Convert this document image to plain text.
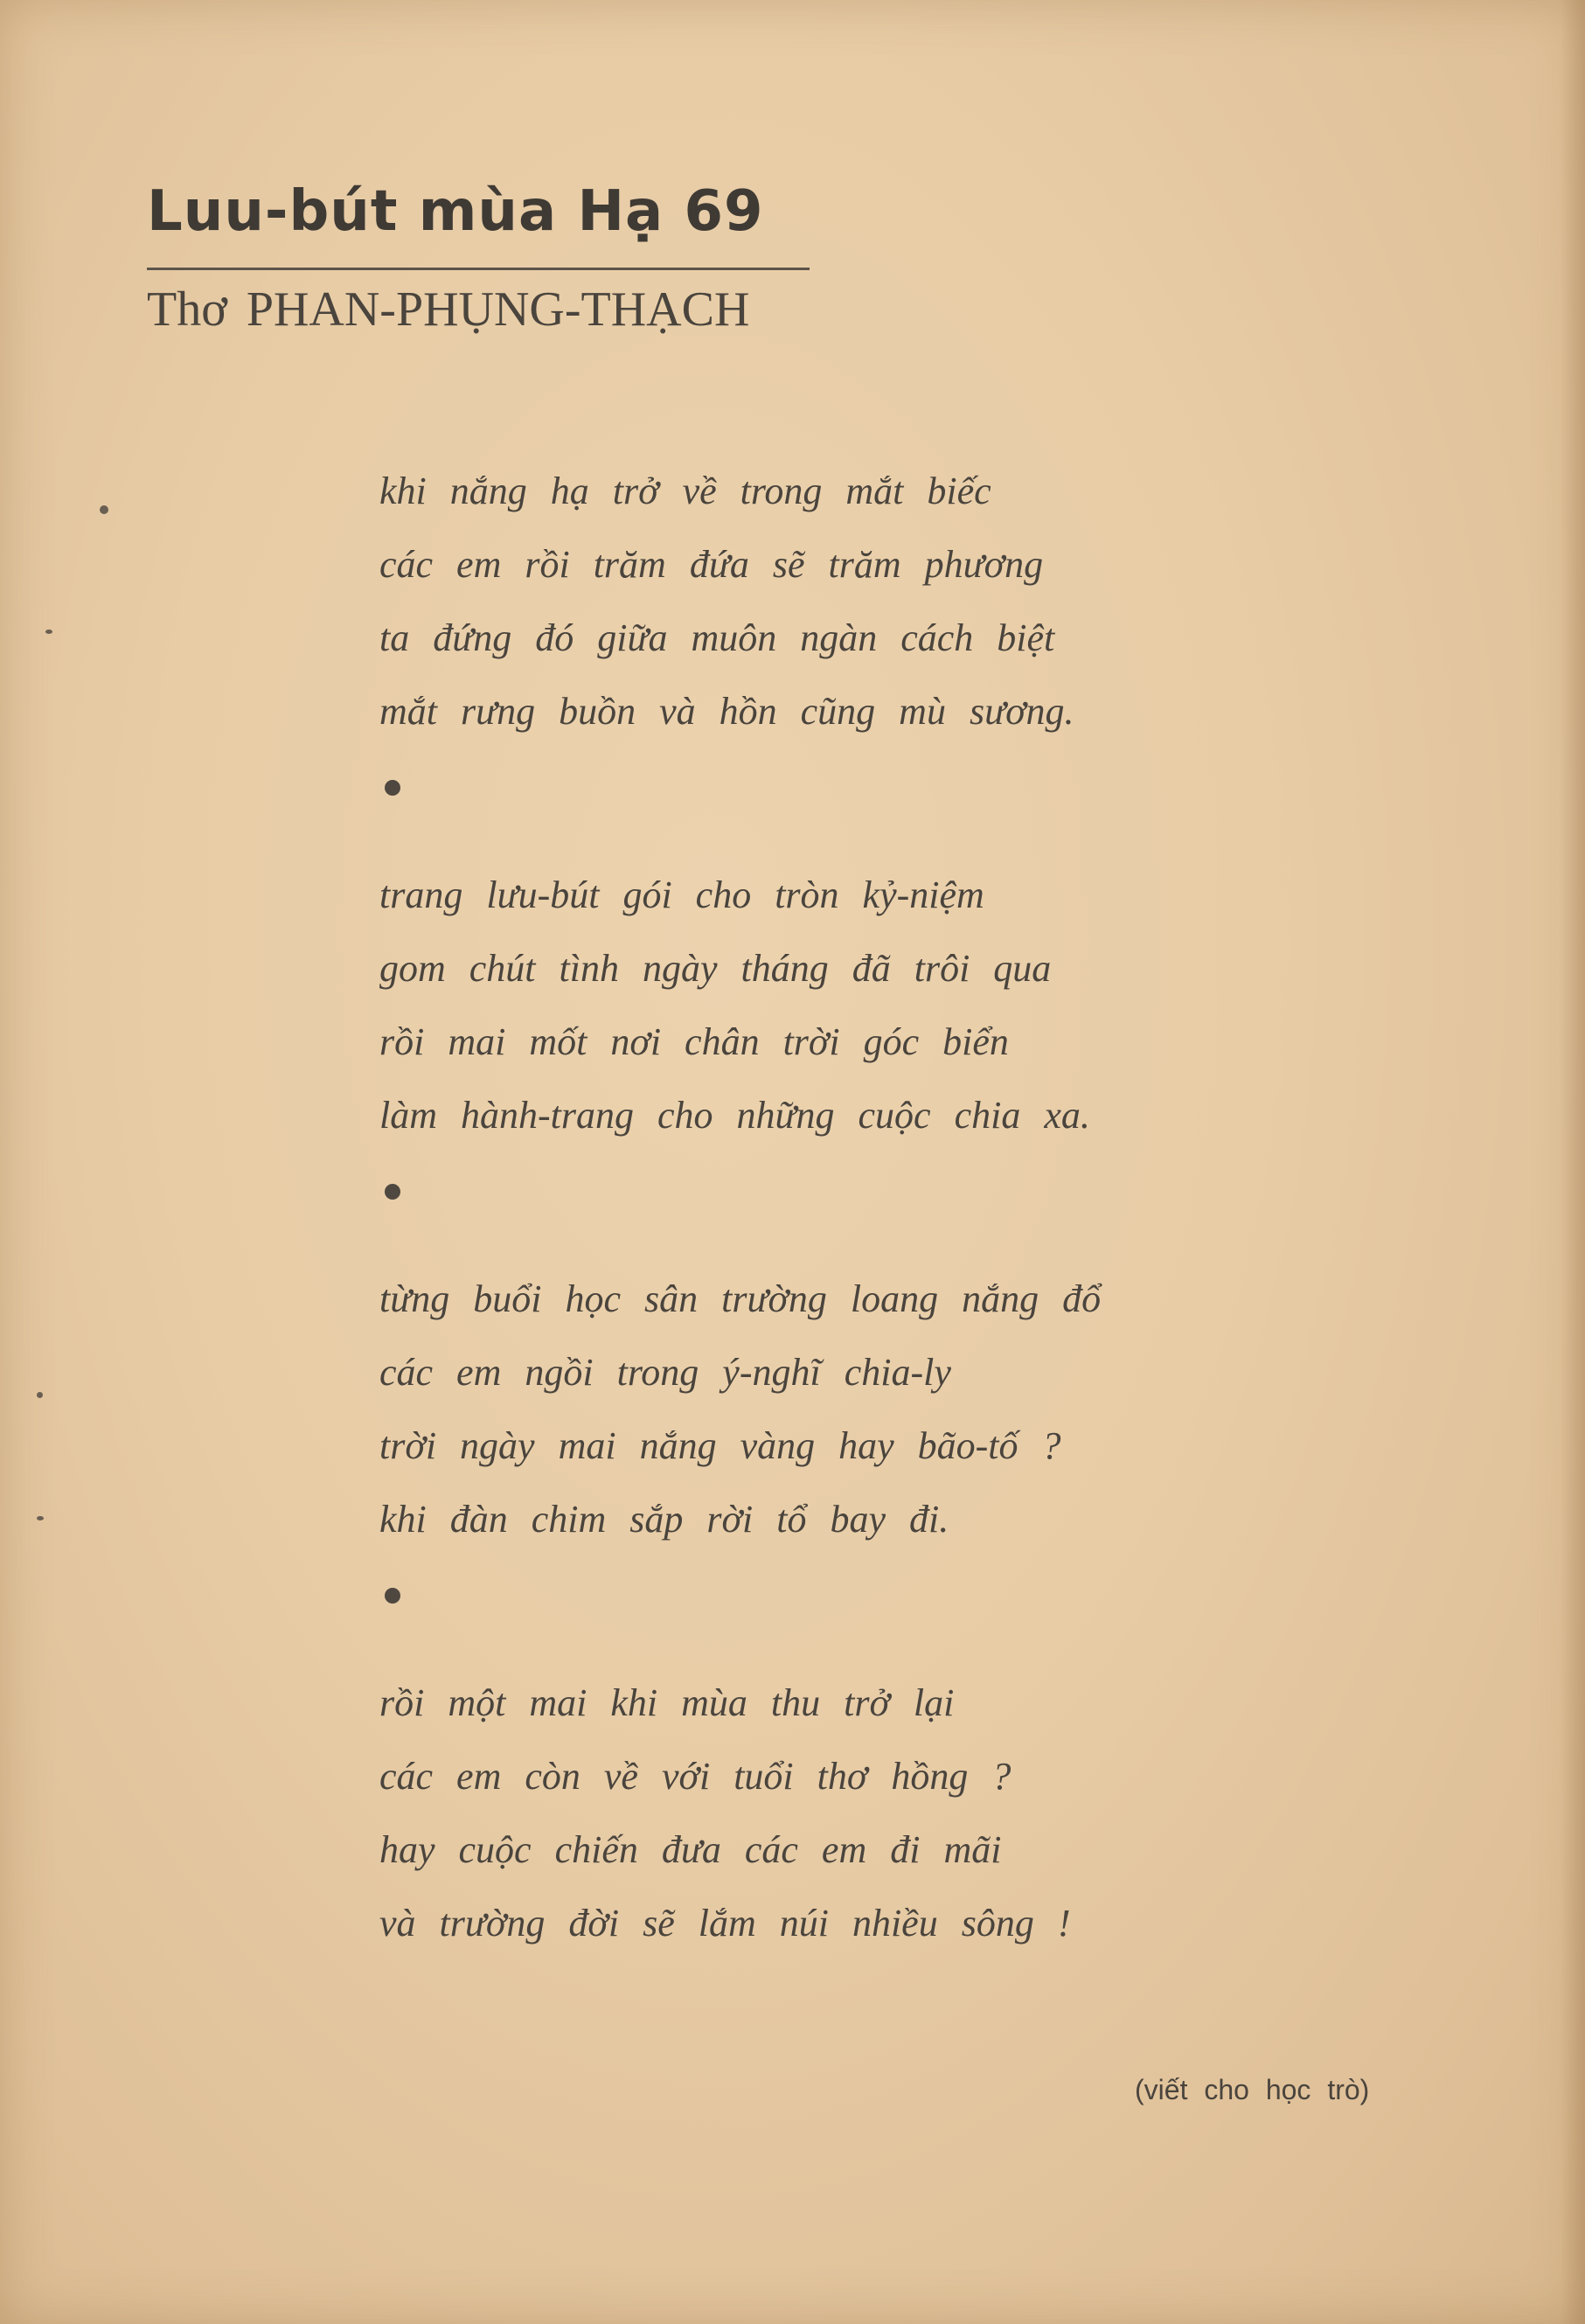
Luu-bút mùa Hạ 69
Thơ PHAN-PHỤNG-THẠCH
khi nắng hạ trở về trong mắt biếc
các em rồi trăm đứa sẽ trăm phương
ta đứng đó giữa muôn ngàn cách biệt
mắt rưng buồn và hồn cũng mù sương.
trang lưu-bút gói cho tròn kỷ-niệm
gom chút tình ngày tháng đã trôi qua
rồi mai mốt nơi chân trời góc biển
làm hành-trang cho những cuộc chia xa.
từng buổi học sân trường loang nắng đổ
các em ngồi trong ý-nghĩ chia-ly
trời ngày mai nắng vàng hay bão-tố ?
khi đàn chim sắp rời tổ bay đi.
rồi một mai khi mùa thu trở lại
các em còn về với tuổi thơ hồng ?
hay cuộc chiến đưa các em đi mãi
và trường đời sẽ lắm núi nhiều sông !
(viết cho học trò)
